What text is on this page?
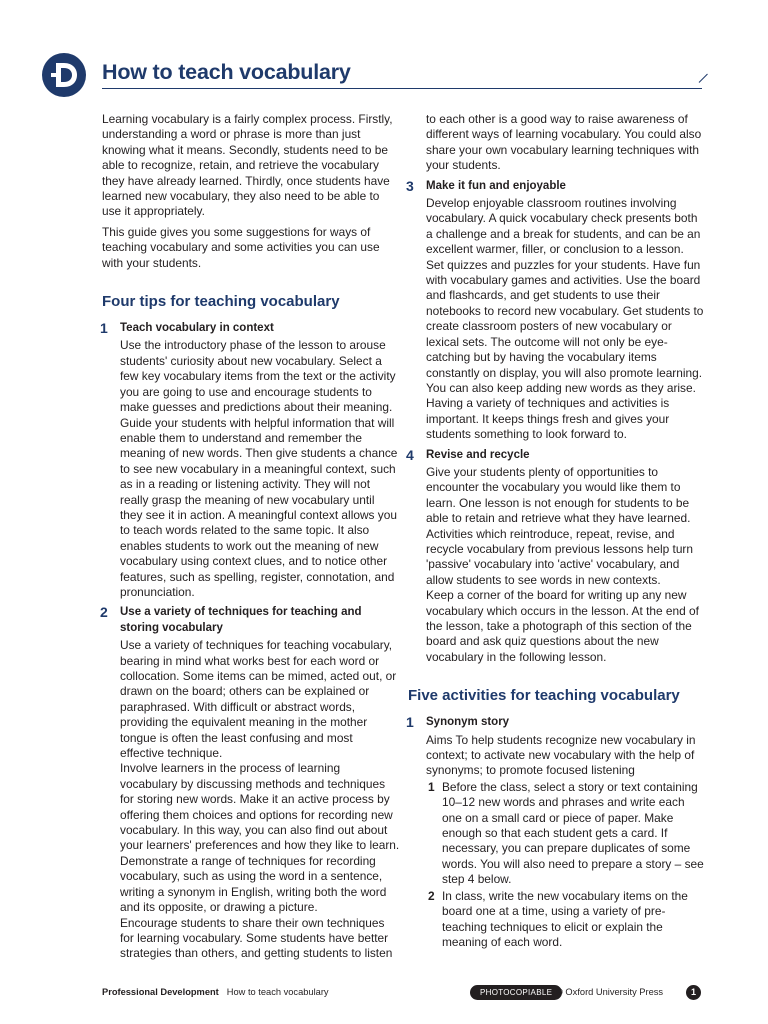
How to teach vocabulary

Learning vocabulary is a fairly complex process. Firstly, understanding a word or phrase is more than just knowing what it means. Secondly, students need to be able to recognize, retain, and retrieve the vocabulary they have already learned. Thirdly, once students have learned new vocabulary, they also need to be able to use it appropriately.

This guide gives you some suggestions for ways of teaching vocabulary and some activities you can use with your students.

Four tips for teaching vocabulary
1 Teach vocabulary in context

Use the introductory phase of the lesson to arouse students' curiosity about new vocabulary. Select a few key vocabulary items from the text or the activity you are going to use and encourage students to make guesses and predictions about their meaning. Guide your students with helpful information that will enable them to understand and remember the meaning of new words. Then give students a chance to see new vocabulary in a meaningful context, such as in a reading or listening activity. They will not really grasp the meaning of new vocabulary until they see it in action. A meaningful context allows you to teach words related to the same topic. It also enables students to work out the meaning of new vocabulary using context clues, and to notice other features, such as spelling, register, connotation, and pronunciation.

2 Use a variety of techniques for teaching and storing vocabulary

Use a variety of techniques for teaching vocabulary, bearing in mind what works best for each word or collocation. Some items can be mimed, acted out, or drawn on the board; others can be explained or paraphrased. With difficult or abstract words, providing the equivalent meaning in the mother tongue is often the least confusing and most effective technique.

Involve learners in the process of learning vocabulary by discussing methods and techniques for storing new words. Make it an active process by offering them choices and options for recording new vocabulary. In this way, you can also find out about your learners' preferences and how they like to learn. Demonstrate a range of techniques for recording vocabulary, such as using the word in a sentence, writing a synonym in English, writing both the word and its opposite, or drawing a picture.

Encourage students to share their own techniques for learning vocabulary. Some students have better strategies than others, and getting students to listen

to each other is a good way to raise awareness of different ways of learning vocabulary. You could also share your own vocabulary learning techniques with your students.

3 Make it fun and enjoyable

Develop enjoyable classroom routines involving vocabulary. A quick vocabulary check presents both a challenge and a break for students, and can be an excellent warmer, filler, or conclusion to a lesson. Set quizzes and puzzles for your students. Have fun with vocabulary games and activities. Use the board and flashcards, and get students to use their notebooks to record new vocabulary. Get students to create classroom posters of new vocabulary or lexical sets. The outcome will not only be eye-catching but by having the vocabulary items constantly on display, you will also promote learning. You can also keep adding new words as they arise. Having a variety of techniques and activities is important. It keeps things fresh and gives your students something to look forward to.

4 Revise and recycle

Give your students plenty of opportunities to encounter the vocabulary you would like them to learn. One lesson is not enough for students to be able to retain and retrieve what they have learned. Activities which reintroduce, repeat, revise, and recycle vocabulary from previous lessons help turn 'passive' vocabulary into 'active' vocabulary, and allow students to see words in new contexts.

Keep a corner of the board for writing up any new vocabulary which occurs in the lesson. At the end of the lesson, take a photograph of this section of the board and ask quiz questions about the new vocabulary in the following lesson.

Five activities for teaching vocabulary
1 Synonym story

Aims To help students recognize new vocabulary in context; to activate new vocabulary with the help of synonyms; to promote focused listening

1 Before the class, select a story or text containing 10–12 new words and phrases and write each one on a small card or piece of paper. Make enough so that each student gets a card. If necessary, you can prepare duplicates of some words. You will also need to prepare a story – see step 4 below.
2 In class, write the new vocabulary items on the board one at a time, using a variety of pre-teaching techniques to elicit or explain the meaning of each word.
Professional Development How to teach vocabulary	PHOTOCOPIABLE © Oxford University Press	1
